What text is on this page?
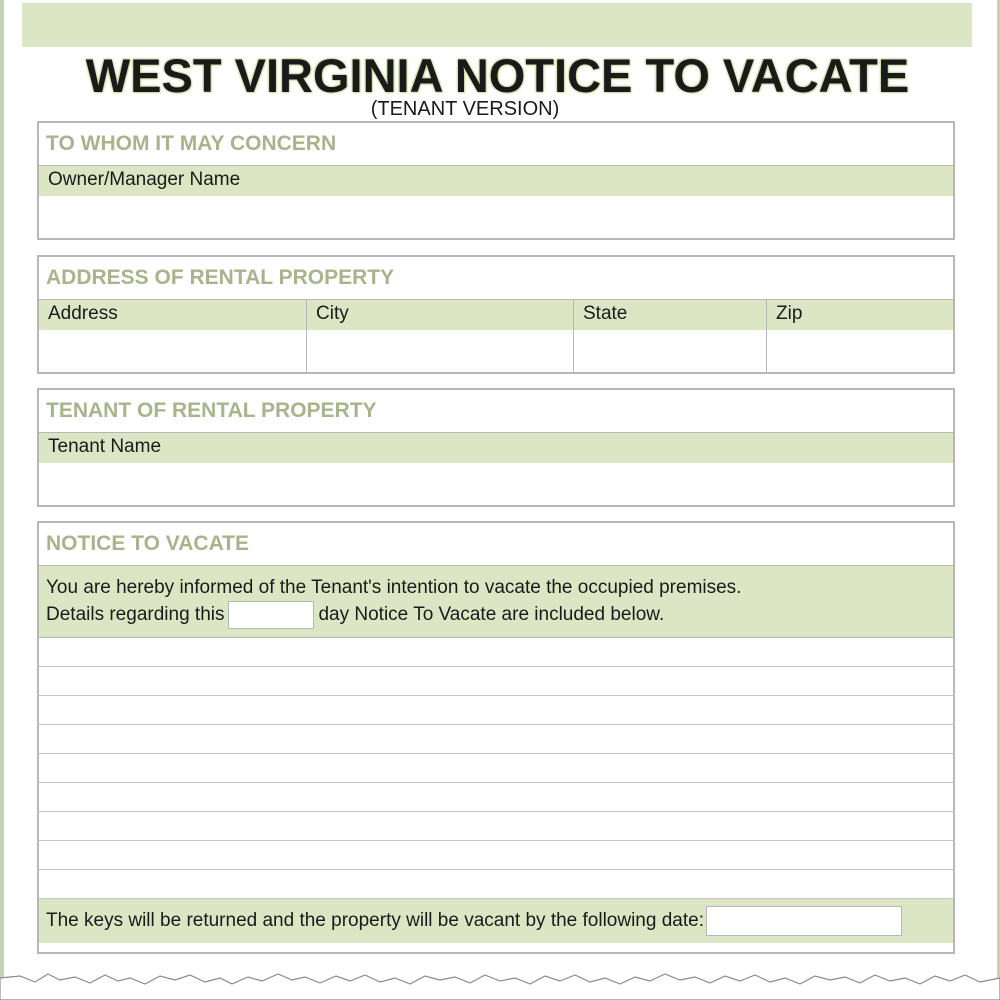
WEST VIRGINIA NOTICE TO VACATE
(TENANT VERSION)
TO WHOM IT MAY CONCERN
Owner/Manager Name
ADDRESS OF RENTAL PROPERTY
Address	City	State	Zip
TENANT OF RENTAL PROPERTY
Tenant Name
NOTICE TO VACATE
You are hereby informed of the Tenant's intention to vacate the occupied premises.
Details regarding this	day Notice To Vacate are included below.
The keys will be returned and the property will be vacant by the following date:
